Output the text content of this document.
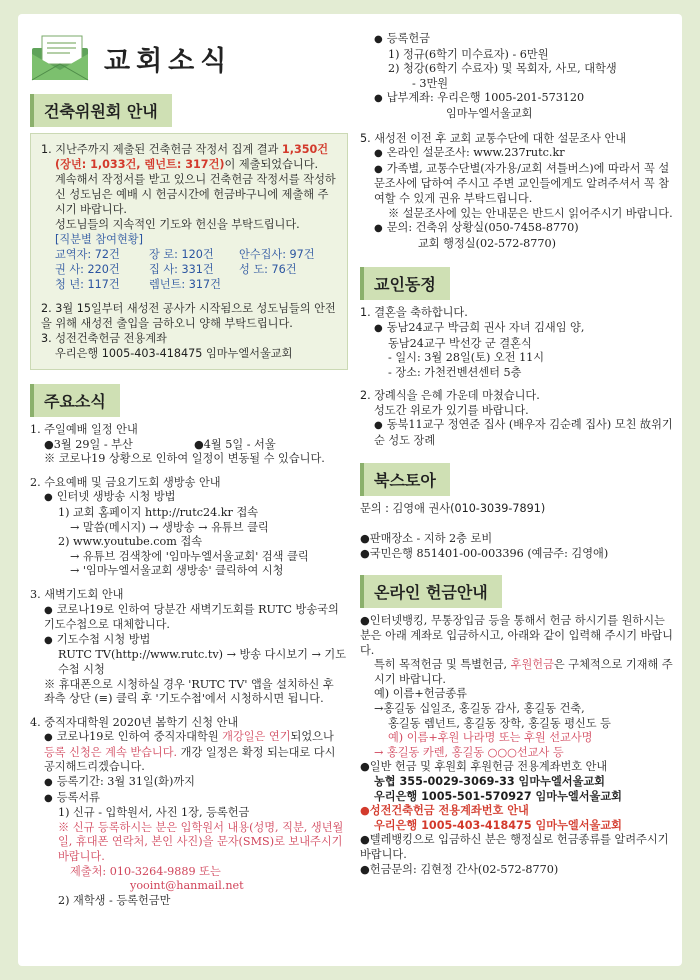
교회소식
건축위원회 안내

1. 지난주까지 제출된 건축헌금 작정서 집계 결과 1,350건
(장년: 1,033건, 렘넌트: 317건)이 제출되었습니다.

계속해서 작정서를 받고 있으니 건축헌금 작정서를 작성하신 성도님은 예배 시 헌금시간에 헌금바구니에 제출해 주시기 바랍니다.
성도님들의 지속적인 기도와 헌신을 부탁드립니다.

[직분별 참여현황]
교역자: 72건	장 로: 120건	안수집사: 97건
권 사: 220건	집 사: 331건	성 도: 76건
청 년: 117건	렘넌트: 317건

2. 3월 15일부터 새성전 공사가 시작됨으로 성도님들의 안전을 위해 새성전 출입을 금하오니 양해 부탁드립니다.

3. 성전건축헌금 전용계좌
우리은행 1005-403-418475 임마누엘서울교회

주요소식
1. 주일예배 일정 안내
●3월 29일 - 부산	●4월 5일 - 서울
※ 코로나19 상황으로 인하여 일정이 변동될 수 있습니다.
2. 수요예배 및 금요기도회 생방송 안내
● 인터넷 생방송 시청 방법
1) 교회 홈페이지 http://rutc24.kr 접속
→ 말씀(메시지) → 생방송 → 유튜브 클릭
2) www.youtube.com 접속
→ 유튜브 검색창에 '임마누엘서울교회' 검색 클릭
→ '임마누엘서울교회 생방송' 클릭하여 시청
3. 새벽기도회 안내
● 코로나19로 인하여 당분간 새벽기도회를 RUTC 방송국의 기도수첩으로 대체합니다.
● 기도수첩 시청 방법
RUTC TV(http://www.rutc.tv) → 방송 다시보기 → 기도수첩 시청
※ 휴대폰으로 시청하실 경우 'RUTC TV' 앱을 설치하신 후 좌측 상단 (≡) 클릭 후 '기도수첩'에서 시청하시면 됩니다.
4. 중직자대학원 2020년 봄학기 신청 안내
● 코로나19로 인하여 중직자대학원 개강일은 연기되었으나 등록 신청은 계속 받습니다. 개강 일정은 확정 되는대로 다시 공지해드리겠습니다.
● 등록기간: 3월 31일(화)까지
● 등록서류
1) 신규 - 입학원서, 사진 1장, 등록헌금
※ 신규 등록하시는 분은 입학원서 내용(성명, 직분, 생년월일, 휴대폰 연락처, 본인 사진)을 문자(SMS)로 보내주시기 바랍니다.
제출처: 010-3264-9889 또는
yooint@hanmail.net
2) 재학생 - 등록헌금만
● 등록헌금
1) 정규(6학기 미수료자) - 6만원
2) 청강(6학기 수료자) 및 목회자, 사모, 대학생
- 3만원
● 납부계좌: 우리은행 1005-201-573120
임마누엘서울교회
5. 새성전 이전 후 교회 교통수단에 대한 설문조사 안내
● 온라인 설문조사: www.237rutc.kr
● 가족별, 교통수단별(자가용/교회 셔틀버스)에 따라서 꼭 설문조사에 답하여 주시고 주변 교인들에게도 알려주셔서 꼭 참여할 수 있게 권유 부탁드립니다.
※ 설문조사에 있는 안내문은 반드시 읽어주시기 바랍니다.
● 문의: 건축위 상황실(050-7458-8770)
교회 행정실(02-572-8770)
교인동정
1. 결혼을 축하합니다.
● 동남24교구 박금희 권사 자녀 김새임 양,
동남24교구 박선강 군 결혼식
- 일시: 3월 28일(토) 오전 11시
- 장소: 가천컨벤션센터 5층
2. 장례식을 은혜 가운데 마쳤습니다.
성도간 위로가 있기를 바랍니다.
● 동북11교구 정연준 집사 (배우자 김순례 집사) 모친 故위기순 성도 장례
북스토아
문의 : 김영애 권사(010-3039-7891)
●판매장소 - 지하 2층 로비
●국민은행 851401-00-003396 (예금주: 김영애)
온라인 헌금안내
●인터넷뱅킹, 무통장입금 등을 통해서 헌금 하시기를 원하시는 분은 아래 계좌로 입금하시고, 아래와 같이 입력해 주시기 바랍니다.
특히 목적헌금 및 특별헌금, 후원헌금은 구체적으로 기재해 주시기 바랍니다.
예) 이름+헌금종류
→홍길동 십일조, 홍길동 감사, 홍길동 건축,
홍길동 렘넌트, 홍길동 장학, 홍길동 평신도 등
예) 이름+후원 나라명 또는 후원 선교사명
→ 홍길동 카렌, 홍길동 ○○○선교사 등
●일반 헌금 및 후원회 후원헌금 전용계좌번호 안내
농협 355-0029-3069-33 임마누엘서울교회
우리은행 1005-501-570927 임마누엘서울교회
●성전건축헌금 전용계좌번호 안내
우리은행 1005-403-418475 임마누엘서울교회
●텔레뱅킹으로 입금하신 분은 행정실로 헌금종류를 알려주시기 바랍니다.
●헌금문의: 김현정 간사(02-572-8770)
